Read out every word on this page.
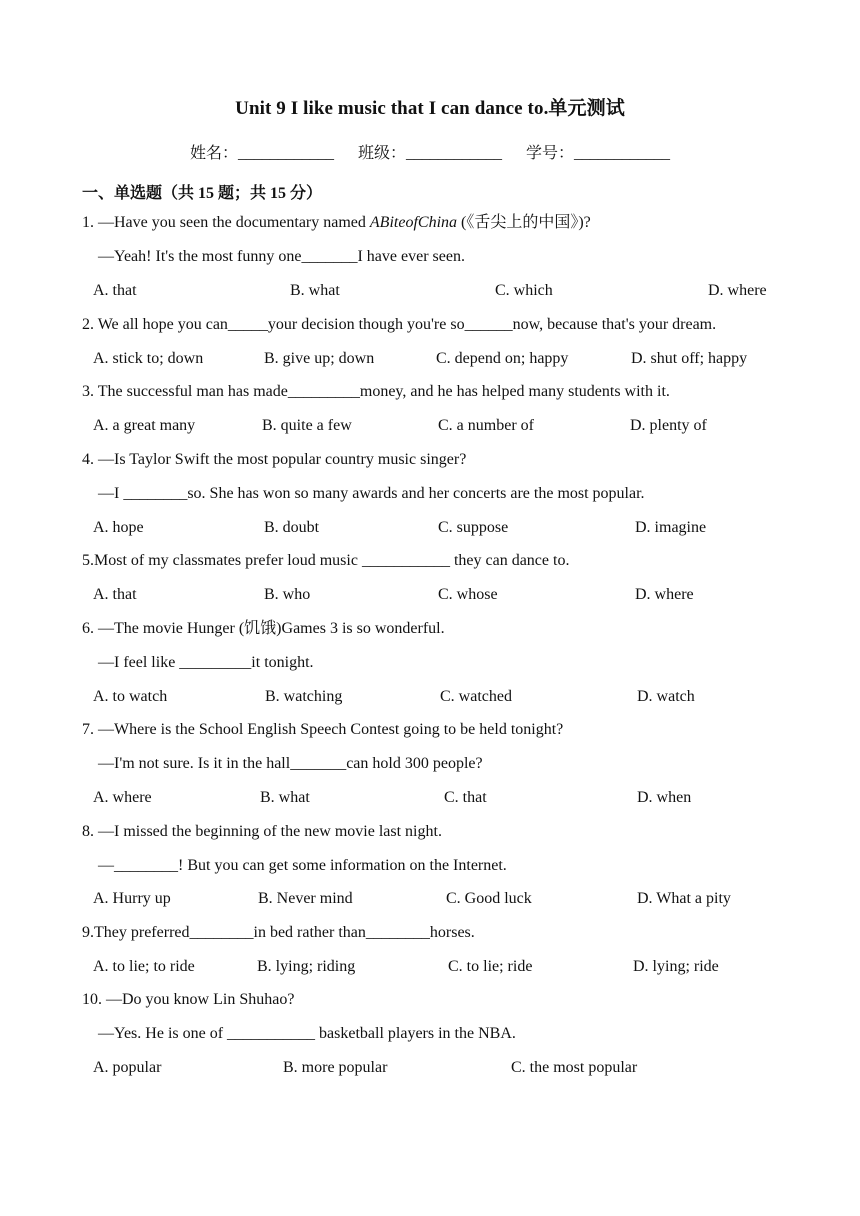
Unit 9 I like music that I can dance to.单元测试
姓名：____________ 班级：____________ 学号：____________
一、单选题（共 15 题；共 15 分）
1. —Have you seen the documentary named ABiteofChina (《舌尖上的中国》)?
—Yeah! It's the most funny one_______I have ever seen.
A. that	B. what	C. which	D. where
2. We all hope you can_____your decision though you're so______now, because that's your dream.
A. stick to; down	B. give up; down	C. depend on; happy	D. shut off; happy
3. The successful man has made_________money, and he has helped many students with it.
A. a great many	B. quite a few	C. a number of	D. plenty of
4. —Is Taylor Swift the most popular country music singer?
—I ________so. She has won so many awards and her concerts are the most popular.
A. hope	B. doubt	C. suppose	D. imagine
5.Most of my classmates prefer loud music ___________ they can dance to.
A. that	B. who	C. whose	D. where
6. —The movie Hunger (饥饿)Games 3 is so wonderful.
—I feel like _________it tonight.
A. to watch	B. watching	C. watched	D. watch
7. —Where is the School English Speech Contest going to be held tonight?
—I'm not sure. Is it in the hall_______can hold 300 people?
A. where	B. what	C. that	D. when
8. —I missed the beginning of the new movie last night.
—________! But you can get some information on the Internet.
A. Hurry up	B. Never mind	C. Good luck	D. What a pity
9.They preferred________in bed rather than________horses.
A. to lie; to ride	B. lying; riding	C. to lie; ride	D. lying; ride
10. —Do you know Lin Shuhao?
—Yes. He is one of ___________ basketball players in the NBA.
A. popular	B. more popular	C. the most popular
